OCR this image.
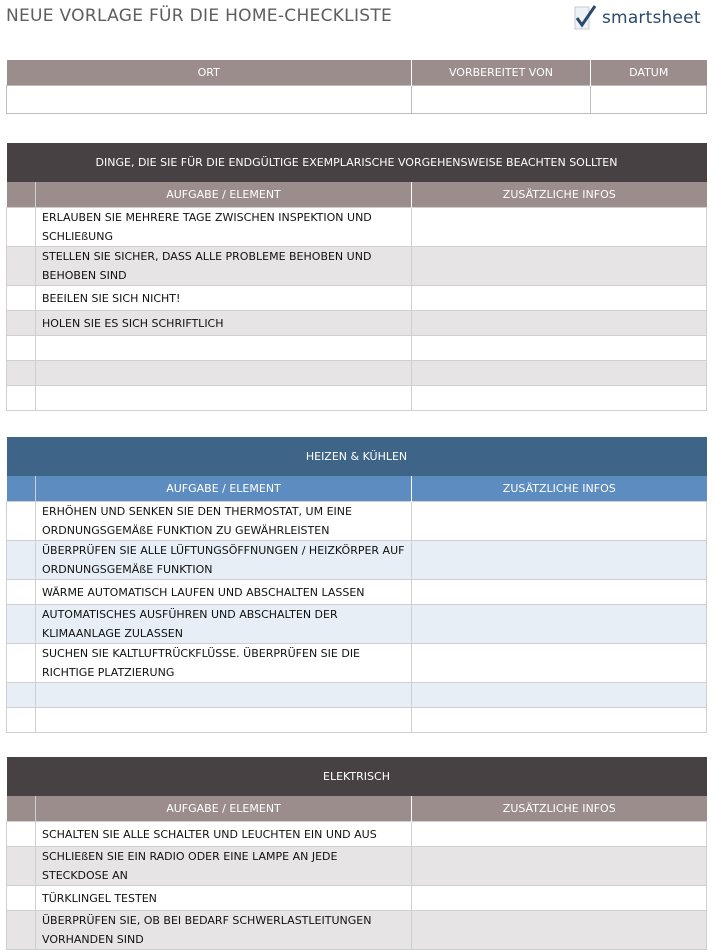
NEUE VORLAGE FÜR DIE HOME-CHECKLISTE	smartsheet
ORT	VORBEREITET VON	DATUM

DINGE, DIE SIE FÜR DIE ENDGÜLTIGE EXEMPLARISCHE VORGEHENSWEISE BEACHTEN SOLLTEN		
	AUFGABE / ELEMENT	ZUSÄTZLICHE INFOS
	ERLAUBEN SIE MEHRERE TAGE ZWISCHEN INSPEKTION UND SCHLIEßUNG	
	STELLEN SIE SICHER, DASS ALLE PROBLEME BEHOBEN UND BEHOBEN SIND	
	BEEILEN SIE SICH NICHT!	
	HOLEN SIE ES SICH SCHRIFTLICH	

HEIZEN & KÜHLEN		
	AUFGABE / ELEMENT	ZUSÄTZLICHE INFOS
	ERHÖHEN UND SENKEN SIE DEN THERMOSTAT, UM EINE ORDNUNGSGEMÄßE FUNKTION ZU GEWÄHRLEISTEN	
	ÜBERPRÜFEN SIE ALLE LÜFTUNGSÖFFNUNGEN / HEIZKÖRPER AUF ORDNUNGSGEMÄßE FUNKTION	
	WÄRME AUTOMATISCH LAUFEN UND ABSCHALTEN LASSEN	
	AUTOMATISCHES AUSFÜHREN UND ABSCHALTEN DER KLIMAANLAGE ZULASSEN	
	SUCHEN SIE KALTLUFTRÜCKFLÜSSE. ÜBERPRÜFEN SIE DIE RICHTIGE PLATZIERUNG	

ELEKTRISCH		
	AUFGABE / ELEMENT	ZUSÄTZLICHE INFOS
	SCHALTEN SIE ALLE SCHALTER UND LEUCHTEN EIN UND AUS	
	SCHLIEßEN SIE EIN RADIO ODER EINE LAMPE AN JEDE STECKDOSE AN	
	TÜRKLINGEL TESTEN	
	ÜBERPRÜFEN SIE, OB BEI BEDARF SCHWERLASTLEITUNGEN VORHANDEN SIND	
